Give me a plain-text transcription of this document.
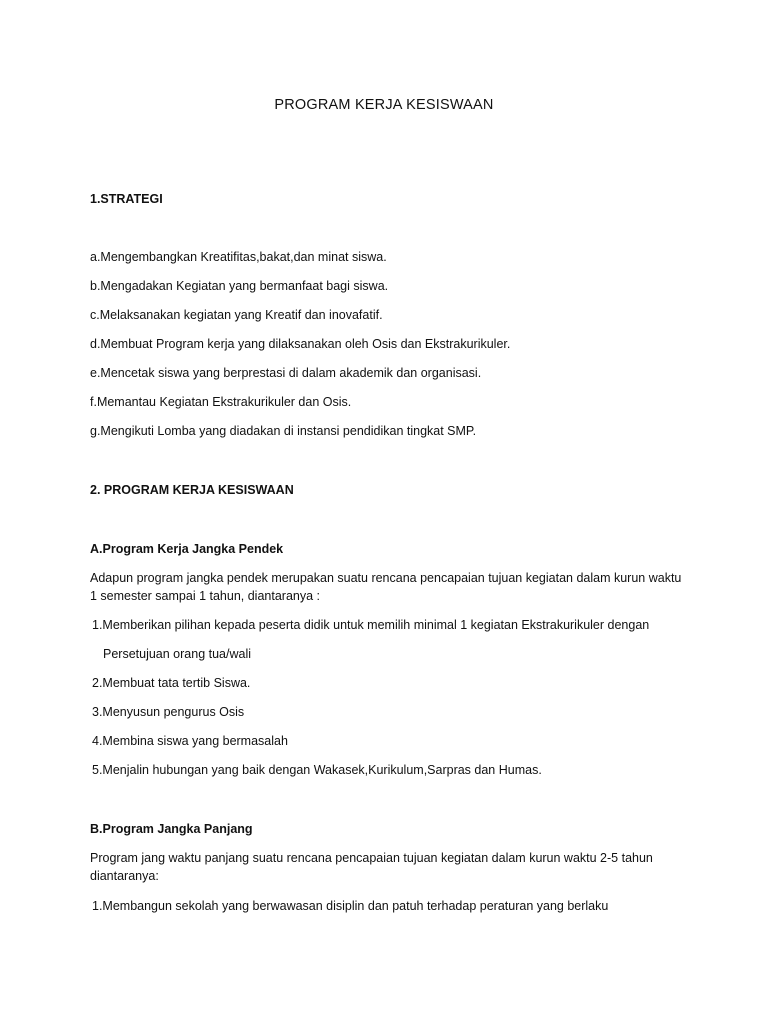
PROGRAM KERJA KESISWAAN
1.STRATEGI
a.Mengembangkan Kreatifitas,bakat,dan minat siswa.
b.Mengadakan Kegiatan yang bermanfaat bagi siswa.
c.Melaksanakan kegiatan yang Kreatif dan inovafatif.
d.Membuat Program kerja yang dilaksanakan oleh Osis dan Ekstrakurikuler.
e.Mencetak siswa yang berprestasi di dalam akademik dan organisasi.
f.Memantau Kegiatan Ekstrakurikuler dan Osis.
g.Mengikuti Lomba yang diadakan di instansi pendidikan tingkat SMP.
2. PROGRAM KERJA KESISWAAN
A.Program Kerja Jangka Pendek
Adapun program jangka pendek merupakan suatu rencana pencapaian tujuan kegiatan dalam kurun waktu 1 semester sampai 1 tahun, diantaranya :
1.Memberikan pilihan kepada peserta didik untuk memilih minimal 1 kegiatan Ekstrakurikuler dengan
Persetujuan orang tua/wali
2.Membuat tata tertib Siswa.
3.Menyusun pengurus Osis
4.Membina siswa yang bermasalah
5.Menjalin hubungan yang baik dengan Wakasek,Kurikulum,Sarpras dan Humas.
B.Program Jangka Panjang
Program jang waktu panjang suatu rencana pencapaian tujuan kegiatan dalam kurun waktu 2-5 tahun diantaranya:
1.Membangun sekolah yang berwawasan disiplin dan patuh terhadap peraturan yang berlaku
